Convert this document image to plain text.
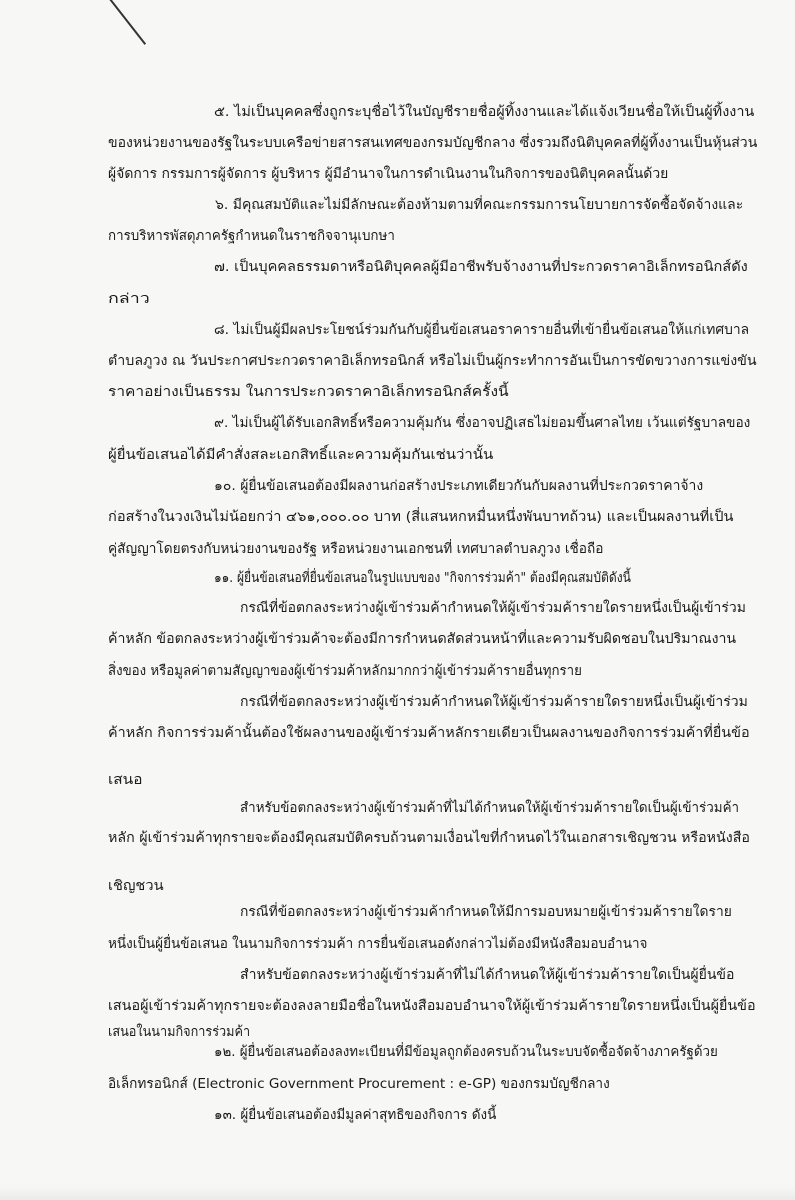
๕. ไม่เป็นบุคคลซึ่งถูกระบุชื่อไว้ในบัญชีรายชื่อผู้ทิ้งงานและได้แจ้งเวียนชื่อให้เป็นผู้ทิ้งงาน
ของหน่วยงานของรัฐในระบบเครือข่ายสารสนเทศของกรมบัญชีกลาง ซึ่งรวมถึงนิติบุคคลที่ผู้ทิ้งงานเป็นหุ้นส่วน
ผู้จัดการ กรรมการผู้จัดการ ผู้บริหาร ผู้มีอำนาจในการดำเนินงานในกิจการของนิติบุคคลนั้นด้วย
๖. มีคุณสมบัติและไม่มีลักษณะต้องห้ามตามที่คณะกรรมการนโยบายการจัดซื้อจัดจ้างและ
การบริหารพัสดุภาครัฐกำหนดในราชกิจจานุเบกษา
๗. เป็นบุคคลธรรมดาหรือนิติบุคคลผู้มีอาชีพรับจ้างงานที่ประกวดราคาอิเล็กทรอนิกส์ดัง
กล่าว
๘. ไม่เป็นผู้มีผลประโยชน์ร่วมกันกับผู้ยื่นข้อเสนอราคารายอื่นที่เข้ายื่นข้อเสนอให้แก่เทศบาล
ตำบลภูวง ณ วันประกาศประกวดราคาอิเล็กทรอนิกส์ หรือไม่เป็นผู้กระทำการอันเป็นการขัดขวางการแข่งขัน
ราคาอย่างเป็นธรรม ในการประกวดราคาอิเล็กทรอนิกส์ครั้งนี้
๙. ไม่เป็นผู้ได้รับเอกสิทธิ์หรือความคุ้มกัน ซึ่งอาจปฏิเสธไม่ยอมขึ้นศาลไทย เว้นแต่รัฐบาลของ
ผู้ยื่นข้อเสนอได้มีคำสั่งสละเอกสิทธิ์และความคุ้มกันเช่นว่านั้น
๑๐. ผู้ยื่นข้อเสนอต้องมีผลงานก่อสร้างประเภทเดียวกันกับผลงานที่ประกวดราคาจ้าง
ก่อสร้างในวงเงินไม่น้อยกว่า ๔๖๑,๐๐๐.๐๐ บาท (สี่แสนหกหมื่นหนึ่งพันบาทถ้วน) และเป็นผลงานที่เป็น
คู่สัญญาโดยตรงกับหน่วยงานของรัฐ หรือหน่วยงานเอกชนที่ เทศบาลตำบลภูวง เชื่อถือ
๑๑. ผู้ยื่นข้อเสนอที่ยื่นข้อเสนอในรูปแบบของ "กิจการร่วมค้า" ต้องมีคุณสมบัติดังนี้
กรณีที่ข้อตกลงระหว่างผู้เข้าร่วมค้ากำหนดให้ผู้เข้าร่วมค้ารายใดรายหนึ่งเป็นผู้เข้าร่วม
ค้าหลัก ข้อตกลงระหว่างผู้เข้าร่วมค้าจะต้องมีการกำหนดสัดส่วนหน้าที่และความรับผิดชอบในปริมาณงาน
สิ่งของ หรือมูลค่าตามสัญญาของผู้เข้าร่วมค้าหลักมากกว่าผู้เข้าร่วมค้ารายอื่นทุกราย
กรณีที่ข้อตกลงระหว่างผู้เข้าร่วมค้ากำหนดให้ผู้เข้าร่วมค้ารายใดรายหนึ่งเป็นผู้เข้าร่วม
ค้าหลัก กิจการร่วมค้านั้นต้องใช้ผลงานของผู้เข้าร่วมค้าหลักรายเดียวเป็นผลงานของกิจการร่วมค้าที่ยื่นข้อ
เสนอ
สำหรับข้อตกลงระหว่างผู้เข้าร่วมค้าที่ไม่ได้กำหนดให้ผู้เข้าร่วมค้ารายใดเป็นผู้เข้าร่วมค้า
หลัก ผู้เข้าร่วมค้าทุกรายจะต้องมีคุณสมบัติครบถ้วนตามเงื่อนไขที่กำหนดไว้ในเอกสารเชิญชวน หรือหนังสือ
เชิญชวน
กรณีที่ข้อตกลงระหว่างผู้เข้าร่วมค้ากำหนดให้มีการมอบหมายผู้เข้าร่วมค้ารายใดราย
หนึ่งเป็นผู้ยื่นข้อเสนอ ในนามกิจการร่วมค้า การยื่นข้อเสนอดังกล่าวไม่ต้องมีหนังสือมอบอำนาจ
สำหรับข้อตกลงระหว่างผู้เข้าร่วมค้าที่ไม่ได้กำหนดให้ผู้เข้าร่วมค้ารายใดเป็นผู้ยื่นข้อ
เสนอผู้เข้าร่วมค้าทุกรายจะต้องลงลายมือชื่อในหนังสือมอบอำนาจให้ผู้เข้าร่วมค้ารายใดรายหนึ่งเป็นผู้ยื่นข้อ
เสนอในนามกิจการร่วมค้า
๑๒. ผู้ยื่นข้อเสนอต้องลงทะเบียนที่มีข้อมูลถูกต้องครบถ้วนในระบบจัดซื้อจัดจ้างภาครัฐด้วย
อิเล็กทรอนิกส์ (Electronic Government Procurement : e-GP) ของกรมบัญชีกลาง
๑๓. ผู้ยื่นข้อเสนอต้องมีมูลค่าสุทธิของกิจการ ดังนี้
